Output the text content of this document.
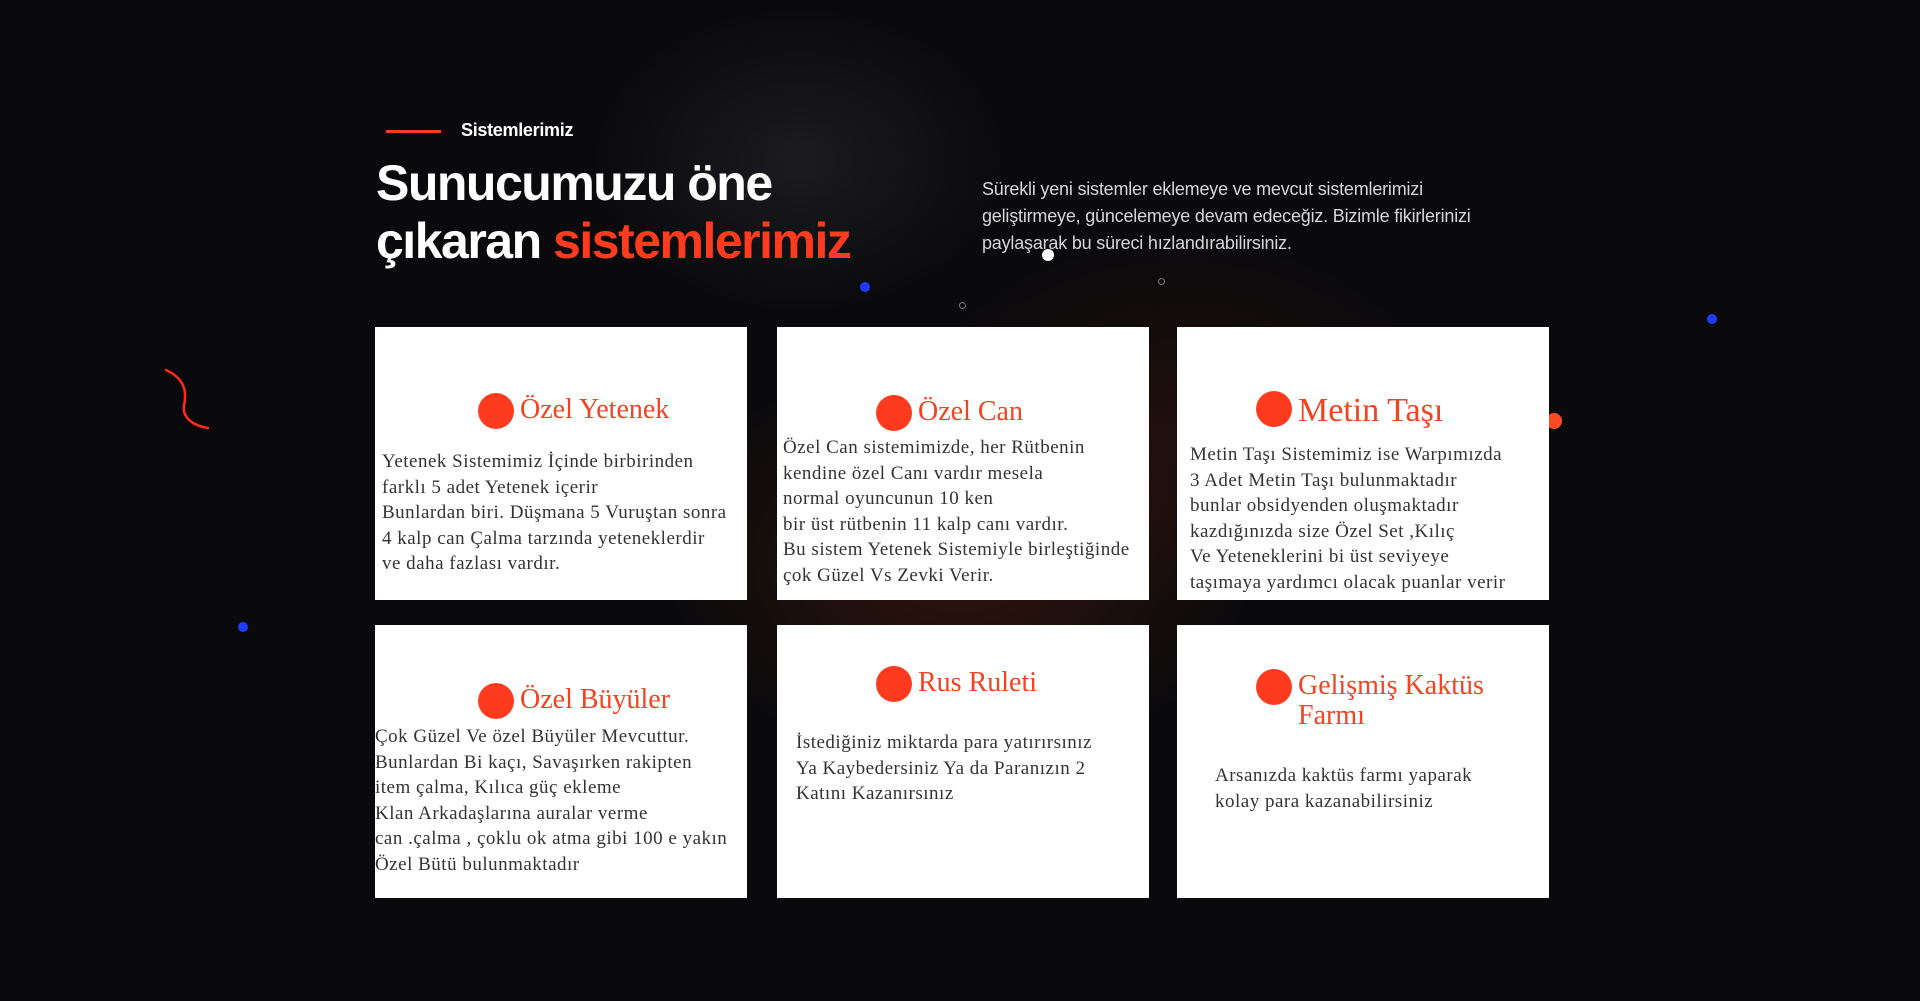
Sistemlerimiz
Sunucumuzu öne
çıkaran sistemlerimiz

Sürekli yeni sistemler eklemeye ve mevcut sistemlerimizi
geliştirmeye, güncelemeye devam edeceğiz. Bizimle fikirlerinizi
paylaşarak bu süreci hızlandırabilirsiniz.

Özel Yetenek

Yetenek Sistemimiz İçinde birbirinden
farklı 5 adet Yetenek içerir
Bunlardan biri. Düşmana 5 Vuruştan sonra
4 kalp can Çalma tarzında yeteneklerdir
ve daha fazlası vardır.

Özel Can

Özel Can sistemimizde, her Rütbenin
kendine özel Canı vardır mesela
normal oyuncunun 10 ken
bir üst rütbenin 11 kalp canı vardır.
Bu sistem Yetenek Sistemiyle birleştiğinde
çok Güzel Vs Zevki Verir.

Metin Taşı

Metin Taşı Sistemimiz ise Warpımızda
3 Adet Metin Taşı bulunmaktadır
bunlar obsidyenden oluşmaktadır
kazdığınızda size Özel Set ,Kılıç
Ve Yeteneklerini bi üst seviyeye
taşımaya yardımcı olacak puanlar verir

Özel Büyüler

Çok Güzel Ve özel Büyüler Mevcuttur.
Bunlardan Bi kaçı, Savaşırken rakipten
item çalma, Kılıca güç ekleme
Klan Arkadaşlarına auralar verme
can .çalma , çoklu ok atma gibi 100 e yakın
Özel Bütü bulunmaktadır

Rus Ruleti

İstediğiniz miktarda para yatırırsınız
Ya Kaybedersiniz Ya da Paranızın 2
Katını Kazanırsınız

Gelişmiş Kaktüs
Farmı

Arsanızda kaktüs farmı yaparak
kolay para kazanabilirsiniz
